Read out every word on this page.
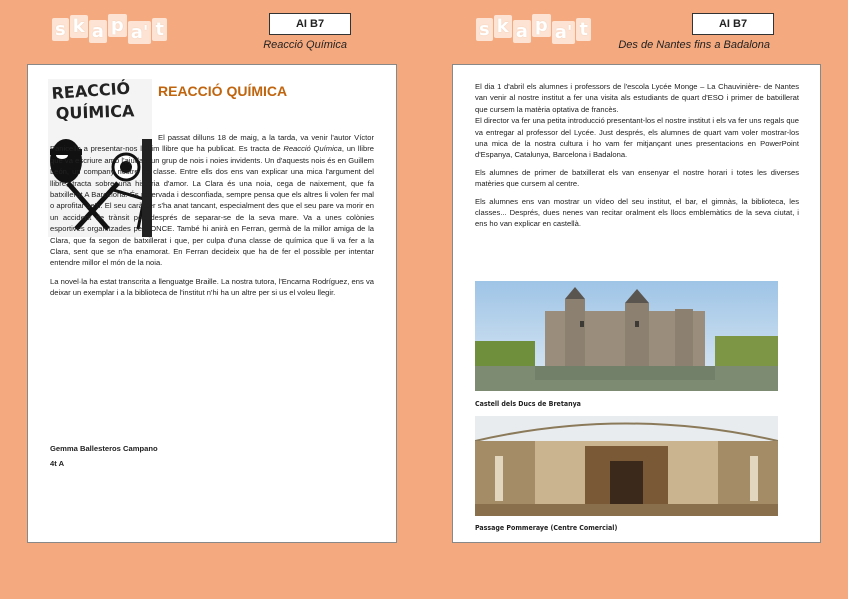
s k a p a' t	AI B7
Reacció Química
s k a p a' t	AI B7
Des de Nantes fins a Badalona
REACCIÓ
QUÍMICA
REACCIÓ QUÍMICA

El passat dilluns 18 de maig, a la tarda, va venir l'autor Víctor Panicello a presentar-nos l'últim llibre que ha publicat. Es tracta de Reacció Química, un llibre que va escriure amb l'ajuda d'un grup de nois i noies invidents. Un d'aquests nois és en Guillem León, un company nostre de classe. Entre ells dos ens van explicar una mica l'argument del llibre, tracta sobre una història d'amor. La Clara és una noia, cega de naixement, que fa batxillerat A Barcelona. És reservada i desconfiada, sempre pensa que els altres li volen fer mal o aprofitar-se'n. El seu caràcter s'ha anat tancant, especialment des que el seu pare va morir en un accident de trànsit poc després de separar-se de la seva mare. Va a unes colònies esportives organitzades per l'ONCE. També hi anirà en Ferran, germà de la millor amiga de la Clara, que fa segon de batxillerat i que, per culpa d'una classe de química que li va fer a la Clara, sent que se n'ha enamorat. En Ferran decideix que ha de fer el possible per intentar entendre millor el món de la noia.

La novel·la ha estat transcrita a llenguatge Braille. La nostra tutora, l'Encarna Rodríguez, ens va deixar un exemplar i a la biblioteca de l'institut n'hi ha un altre per si us el voleu llegir.

Gemma Ballesteros Campano
4t A

El dia 1 d'abril els alumnes i professors de l'escola Lycée Monge – La Chauvinière- de Nantes van venir al nostre institut a fer una visita als estudiants de quart d'ESO i primer de batxillerat que cursem la matèria optativa de francès.

El director va fer una petita introducció presentant-los el nostre institut i els va fer uns regals que va entregar al professor del Lycée. Just després, els alumnes de quart vam voler mostrar-los una mica de la nostra cultura i ho vam fer mitjançant unes presentacions en PowerPoint d'Espanya, Catalunya, Barcelona i Badalona.

Els alumnes de primer de batxillerat els van ensenyar el nostre horari i totes les diverses matèries que cursem al centre.

Els alumnes ens van mostrar un vídeo del seu institut, el bar, el gimnàs, la biblioteca, les classes... Després, dues nenes van recitar oralment els llocs emblemàtics de la seva ciutat, i ens ho van explicar en castellà.

Castell dels Ducs de Bretanya
Passage Pommeraye (Centre Comercial)
